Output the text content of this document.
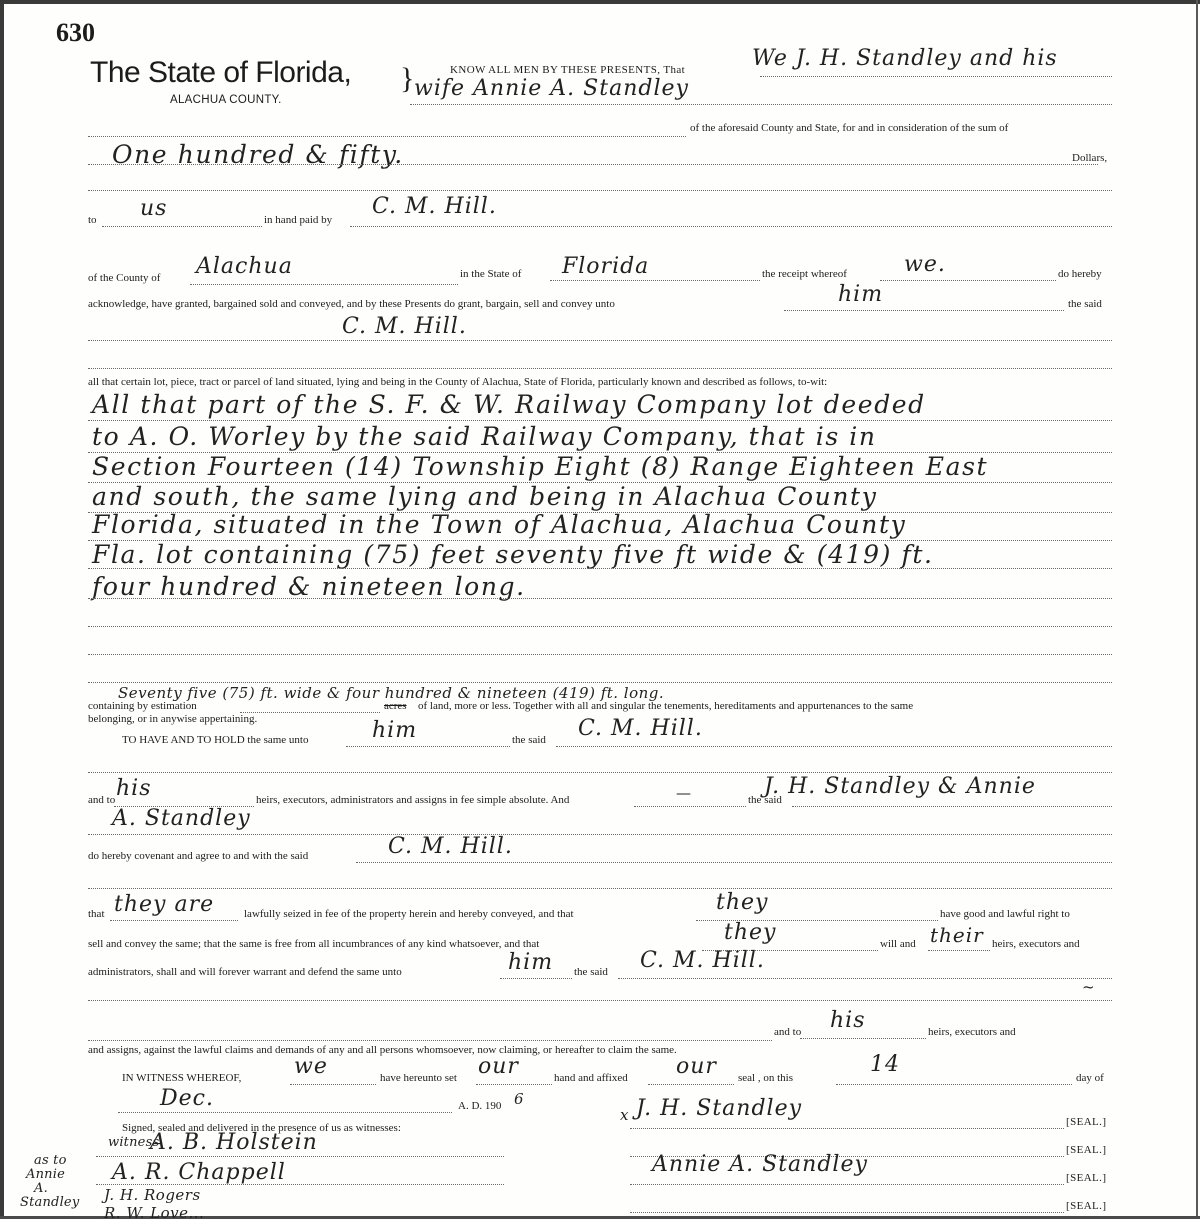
630
The State of Florida, }
ALACHUA COUNTY.
KNOW ALL MEN BY THESE PRESENTS, That	We J. H. Standley and his
wife Annie A. Standley
of the aforesaid County and State, for and in consideration of the sum of
One hundred & fifty.	Dollars,
to us	in hand paid by
C. M. Hill.
of the County of Alachua	in the State of Florida	the receipt whereof	we.	do hereby
acknowledge, have granted, bargained sold and conveyed, and by these Presents do grant, bargain, sell and convey unto	him	the said
C. M. Hill.
all that certain lot, piece, tract or parcel of land situated, lying and being in the County of Alachua, State of Florida, particularly known and described as follows, to-wit:
All that part of the S. F. & W. Railway Company lot deeded
to A. O. Worley by the said Railway Company, that is in
Section Fourteen (14) Township Eight (8) Range Eighteen East
and south, the same lying and being in Alachua County
Florida, situated in the Town of Alachua, Alachua County
Fla. lot containing (75) feet seventy five ft wide & (419) ft.
four hundred & nineteen long.
Seventy five (75) ft. wide & four hundred & nineteen (419) ft. long.
containing by estimation	acres of land, more or less. Together with all and singular the tenements, hereditaments and appurtenances to the same
belonging, or in anywise appertaining.
TO HAVE AND TO HOLD the same unto	him	the said C. M. Hill.
and to his	heirs, executors, administrators and assigns in fee simple absolute. And	—	the said
J. H. Standley & Annie
A. Standley
do hereby covenant and agree to and with the said	C. M. Hill.
that they are	lawfully seized in fee of the property herein and hereby conveyed, and that	they	have good and lawful right to
sell and convey the same; that the same is free from all incumbrances of any kind whatsoever, and that	they	will and their heirs, executors and
administrators, shall and will forever warrant and defend the same unto	him the said C. M. Hill.
~
and to his	heirs, executors and
and assigns, against the lawful claims and demands of any and all persons whomsoever, now claiming, or hereafter to claim the same.
IN WITNESS WHEREOF, we	have hereunto set our	hand and affixed our seal , on this
14
day of
Dec.	A. D. 190 6
x J. H. Standley
[SEAL.]
[SEAL.]
Annie A. Standley
[SEAL.]
[SEAL.]
Signed, sealed and delivered in the presence of us as witnesses:
witness
A. B. Holstein
A. R. Chappell
J. H. Rogers
R. W. Love...
as to
Annie
A.
Standley
